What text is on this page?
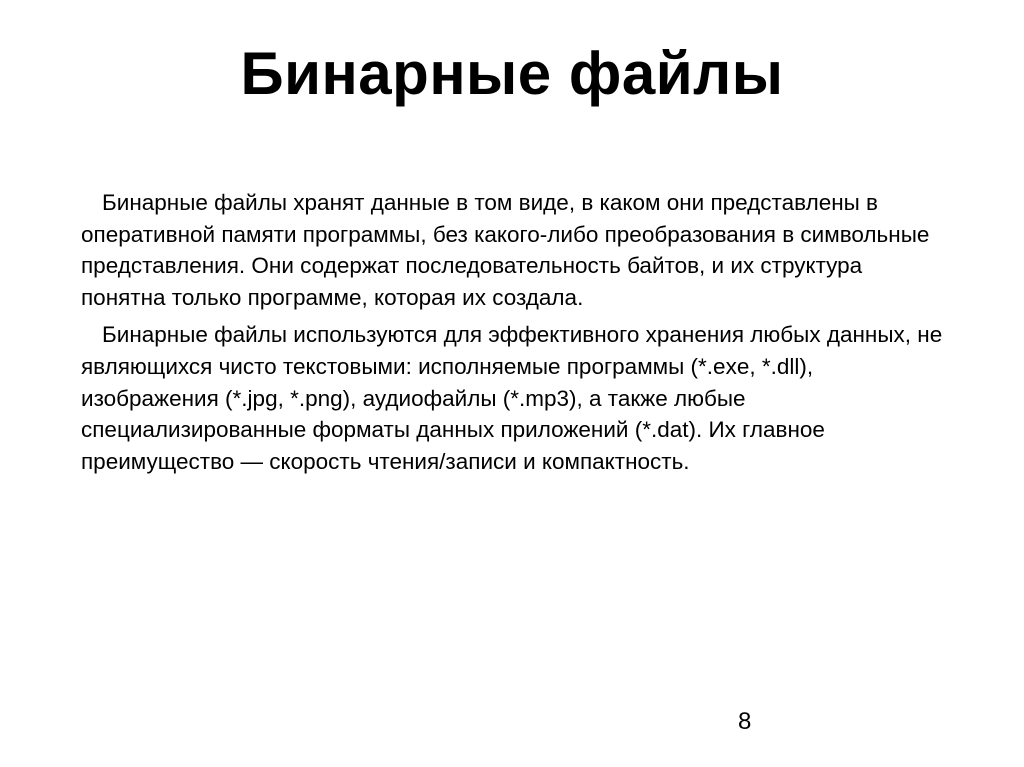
Бинарные файлы

Бинарные файлы хранят данные в том виде, в каком они представлены в оперативной памяти программы, без какого-либо преобразования в символьные представления. Они содержат последовательность байтов, и их структура понятна только программе, которая их создала.

Бинарные файлы используются для эффективного хранения любых данных, не являющихся чисто текстовыми: исполняемые программы (*.exe, *.dll), изображения (*.jpg, *.png), аудиофайлы (*.mp3), а также любые специализированные форматы данных приложений (*.dat). Их главное преимущество — скорость чтения/записи и компактность.

8
